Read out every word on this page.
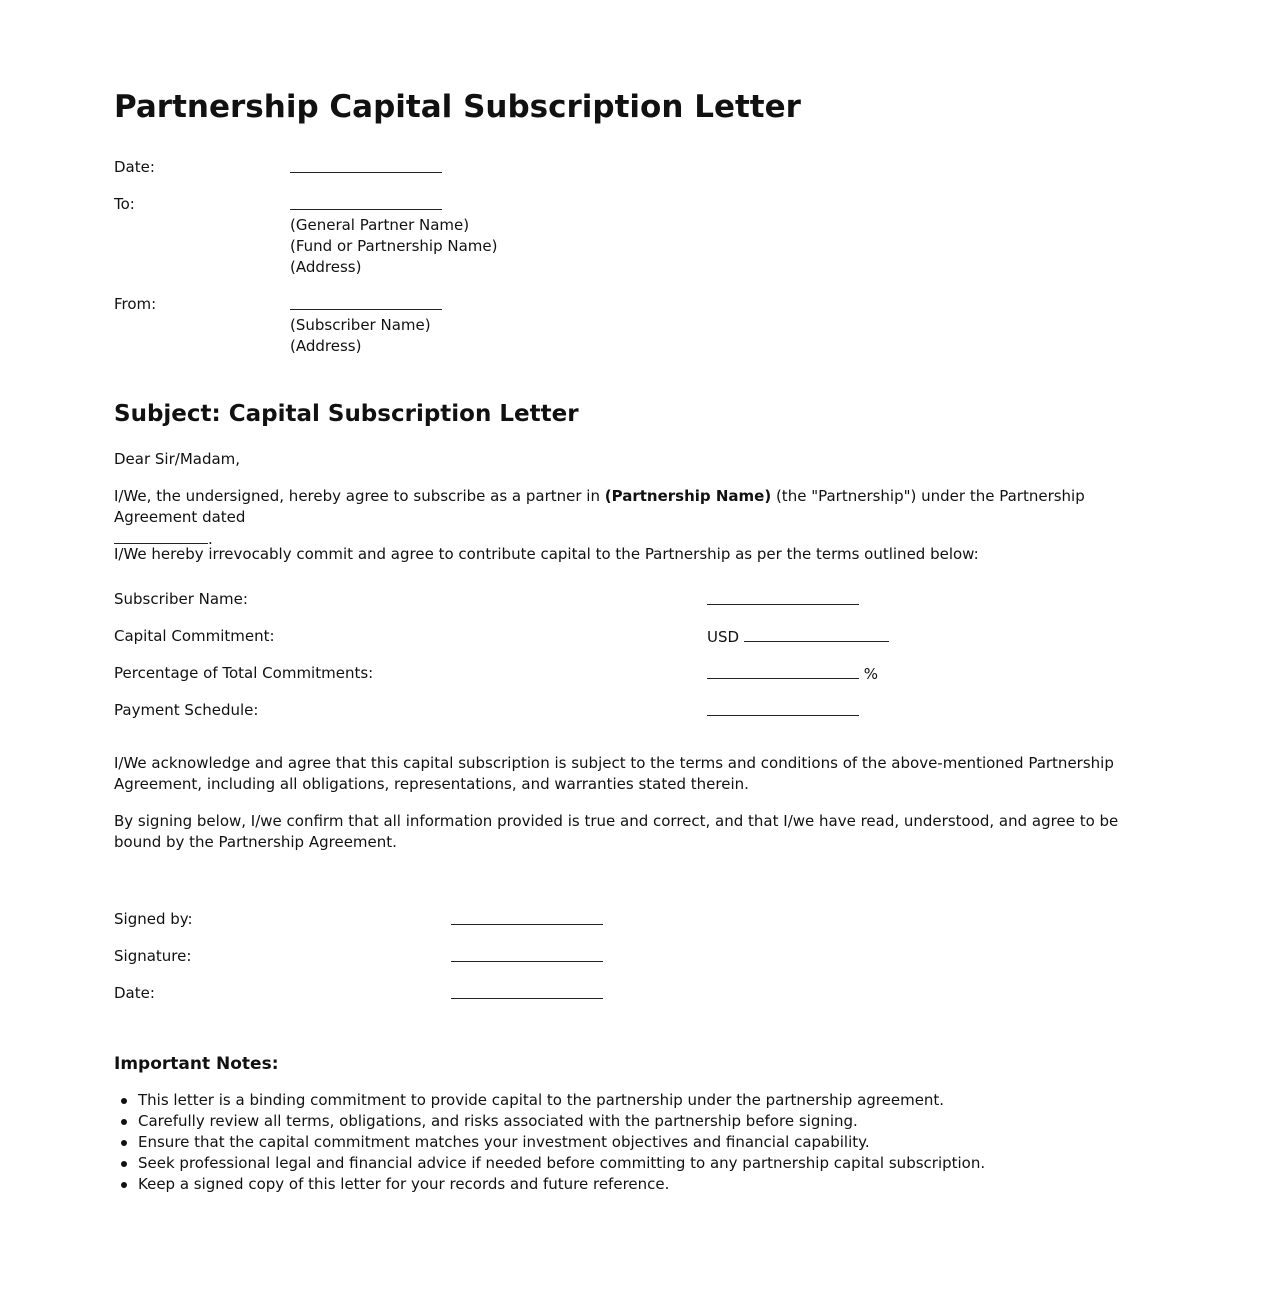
Partnership Capital Subscription Letter
Date:
To:
(General Partner Name)
(Fund or Partnership Name)
(Address)
From:
(Subscriber Name)
(Address)
Subject: Capital Subscription Letter
Dear Sir/Madam,

I/We, the undersigned, hereby agree to subscribe as a partner in (Partnership Name) (the "Partnership") under the Partnership Agreement dated
.

I/We hereby irrevocably commit and agree to contribute capital to the Partnership as per the terms outlined below:
Subscriber Name:
Capital Commitment:	USD
Percentage of Total Commitments:	%
Payment Schedule:

I/We acknowledge and agree that this capital subscription is subject to the terms and conditions of the above-mentioned Partnership Agreement, including all obligations, representations, and warranties stated therein.

By signing below, I/we confirm that all information provided is true and correct, and that I/we have read, understood, and agree to be bound by the Partnership Agreement.

Signed by:
Signature:
Date:
Important Notes:
This letter is a binding commitment to provide capital to the partnership under the partnership agreement.
Carefully review all terms, obligations, and risks associated with the partnership before signing.
Ensure that the capital commitment matches your investment objectives and financial capability.
Seek professional legal and financial advice if needed before committing to any partnership capital subscription.
Keep a signed copy of this letter for your records and future reference.
